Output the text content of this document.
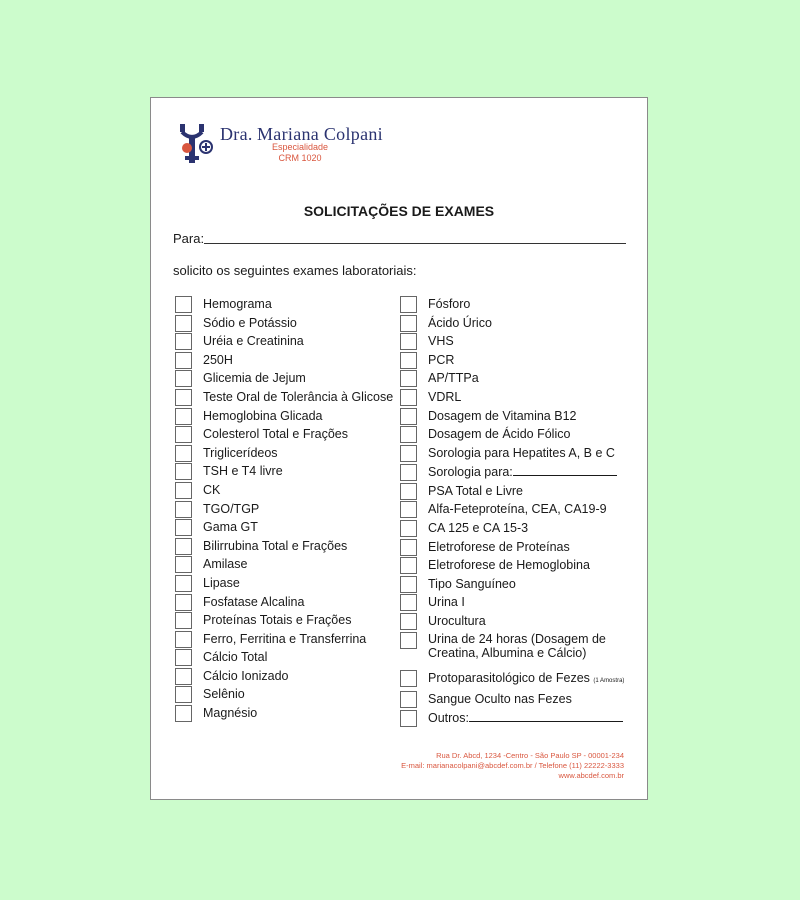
Dra. Mariana Colpani
Especialidade
CRM 1020
SOLICITAÇÕES DE EXAMES
Para:
solicito os seguintes exames laboratoriais:
Hemograma
Sódio e Potássio
Uréia e Creatinina
250H
Glicemia de Jejum
Teste Oral de Tolerância à Glicose
Hemoglobina Glicada
Colesterol Total e Frações
Triglicerídeos
TSH e T4 livre
CK
TGO/TGP
Gama GT
Bilirrubina Total e Frações
Amilase
Lipase
Fosfatase Alcalina
Proteínas Totais e Frações
Ferro, Ferritina e Transferrina
Cálcio Total
Cálcio Ionizado
Selênio
Magnésio
Fósforo
Ácido Úrico
VHS
PCR
AP/TTPa
VDRL
Dosagem de Vitamina B12
Dosagem de Ácido Fólico
Sorologia para Hepatites A, B e C
Sorologia para:
PSA Total e Livre
Alfa-Feteproteína, CEA, CA19-9
CA 125 e CA 15-3
Eletroforese de Proteínas
Eletroforese de Hemoglobina
Tipo Sanguíneo
Urina I
Urocultura
Urina de 24 horas (Dosagem de Creatina, Albumina e Cálcio)
Protoparasitológico de Fezes (1 Amostra)
Sangue Oculto nas Fezes
Outros:
Rua Dr. Abcd, 1234 -Centro - São Paulo SP - 00001-234
E-mail: marianacolpani@abcdef.com.br / Telefone (11) 22222-3333
www.abcdef.com.br
